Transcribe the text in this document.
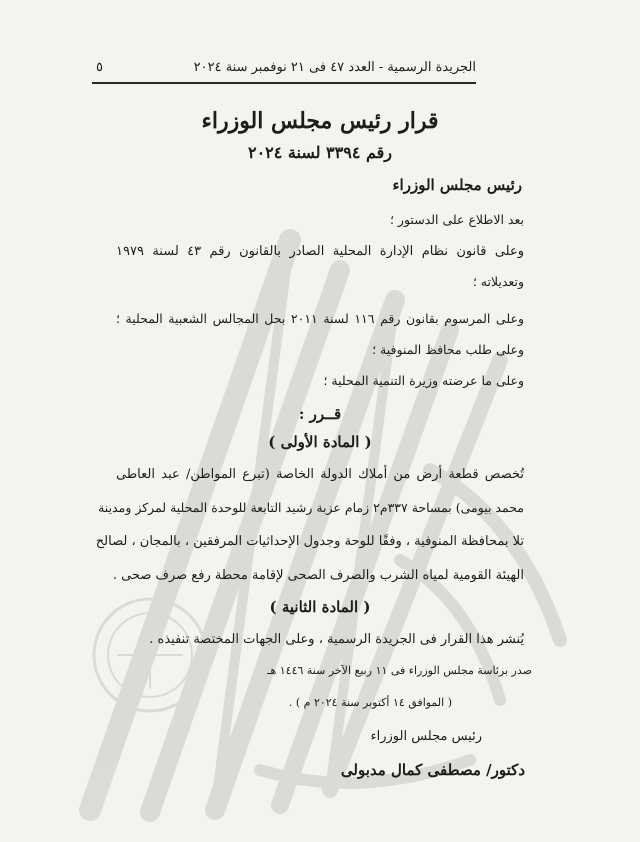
٥	الجريدة الرسمية - العدد ٤٧ فى ٢١ نوفمبر سنة ٢٠٢٤
قرار رئيس مجلس الوزراء
رقم ٣٣٩٤ لسنة ٢٠٢٤
رئيس مجلس الوزراء
بعد الاطلاع على الدستور ؛
وعلى قانون نظام الإدارة المحلية الصادر بالقانون رقم ٤٣ لسنة ١٩٧٩
وتعديلاته ؛
وعلى المرسوم بقانون رقم ١١٦ لسنة ٢٠١١ بحل المجالس الشعبية المحلية ؛
وعلى طلب محافظ المنوفية ؛
وعلى ما عرضته وزيرة التنمية المحلية ؛
قــرر :
( المادة الأولى )
تُخصص قطعة أرض من أملاك الدولة الخاصة (تبرع المواطن/ عبد العاطى
محمد بيومى) بمساحة ٣٣٧م٢ زمام عزبة رشيد التابعة للوحدة المحلية لمركز ومدينة
تلا بمحافظة المنوفية ، وفقًا للوحة وجدول الإحداثيات المرفقين ، بالمجان ، لصالح
الهيئة القومية لمياه الشرب والصرف الصحى لإقامة محطة رفع صرف صحى .
( المادة الثانية )
يُنشر هذا القرار فى الجريدة الرسمية ، وعلى الجهات المختصة تنفيذه .
صدر برئاسة مجلس الوزراء فى ١١ ربيع الآخر سنة ١٤٤٦ هـ
( الموافق ١٤ أكتوبر سنة ٢٠٢٤ م ) .
رئيس مجلس الوزراء
دكتور/ مصطفى كمال مدبولى
